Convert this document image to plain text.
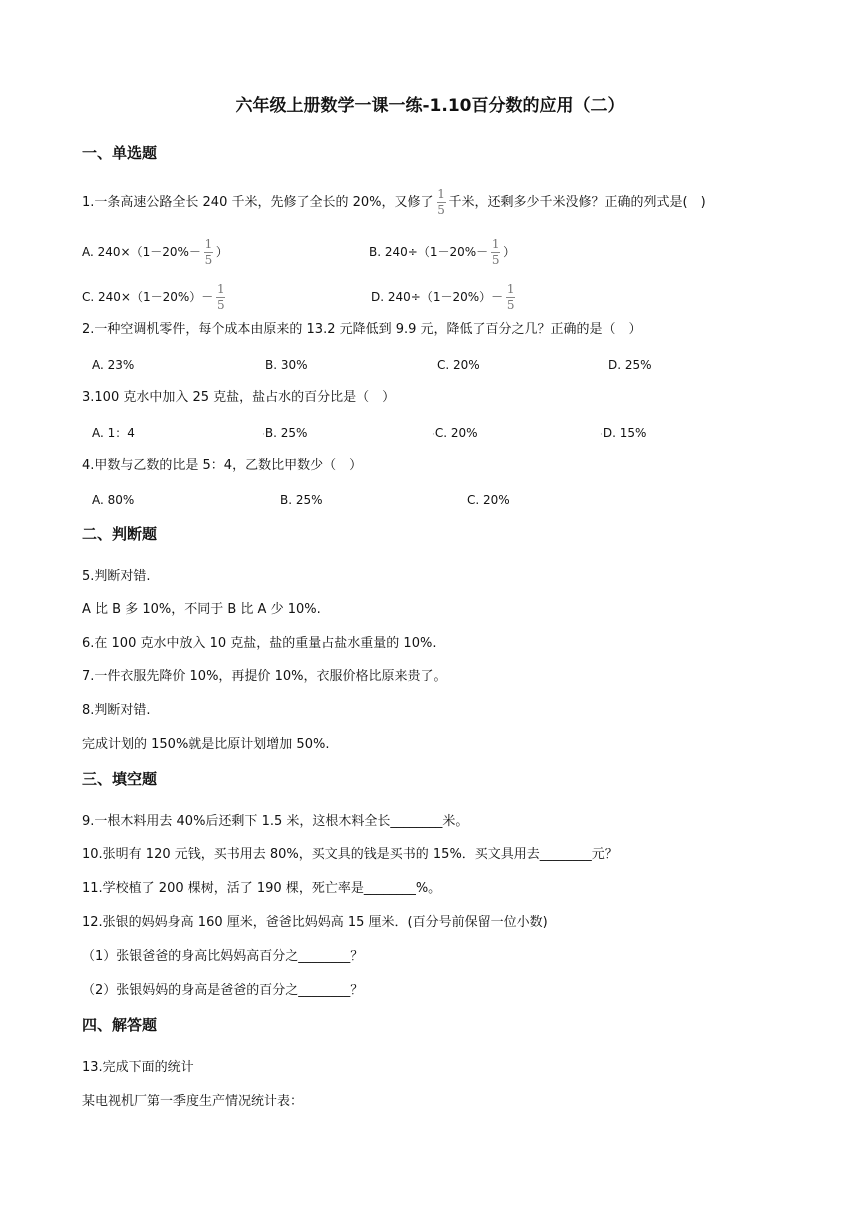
六年级上册数学一课一练-1.10百分数的应用（二）
一、单选题
1.一条高速公路全长 240 千米，先修了全长的 20%，又修了 $\frac{1}{5}$ 千米，还剩多少千米没修？正确的列式是(　)
A. $240\times(1-20\%- \frac{1}{5}$ ）	B. $240\div(1-20\%- \frac{1}{5}$ ）
C. $240\times(1-20\%)- \frac{1}{5}$	D. $240\div(1-20\%)- \frac{1}{5}$
2.一种空调机零件，每个成本由原来的 13.2 元降低到 9.9 元，降低了百分之几？正确的是（　）
A. 23%	B. 30%	C. 20%	D. 25%
3.100 克水中加入 25 克盐，盐占水的百分比是（　）
A. 1：4	·B. 25%	·C. 20%	·D. 15%
4.甲数与乙数的比是 5：4，乙数比甲数少（　）
A. 80%	B. 25%	C. 20%
二、判断题
5.判断对错.
A 比 B 多 10%，不同于 B 比 A 少 10%.
6.在 100 克水中放入 10 克盐，盐的重量占盐水重量的 10%.
7.一件衣服先降价 10%，再提价 10%，衣服价格比原来贵了。
8.判断对错.
完成计划的 150%就是比原计划增加 50%.
三、填空题
9.一根木料用去 40%后还剩下 1.5 米，这根木料全长________米。
10.张明有 120 元钱，买书用去 80%，买文具的钱是买书的 15%．买文具用去________元？
11.学校植了 200 棵树，活了 190 棵，死亡率是________%。
12.张银的妈妈身高 160 厘米，爸爸比妈妈高 15 厘米．(百分号前保留一位小数)
（1）张银爸爸的身高比妈妈高百分之________？
（2）张银妈妈的身高是爸爸的百分之________？
四、解答题
13.完成下面的统计
某电视机厂第一季度生产情况统计表：
